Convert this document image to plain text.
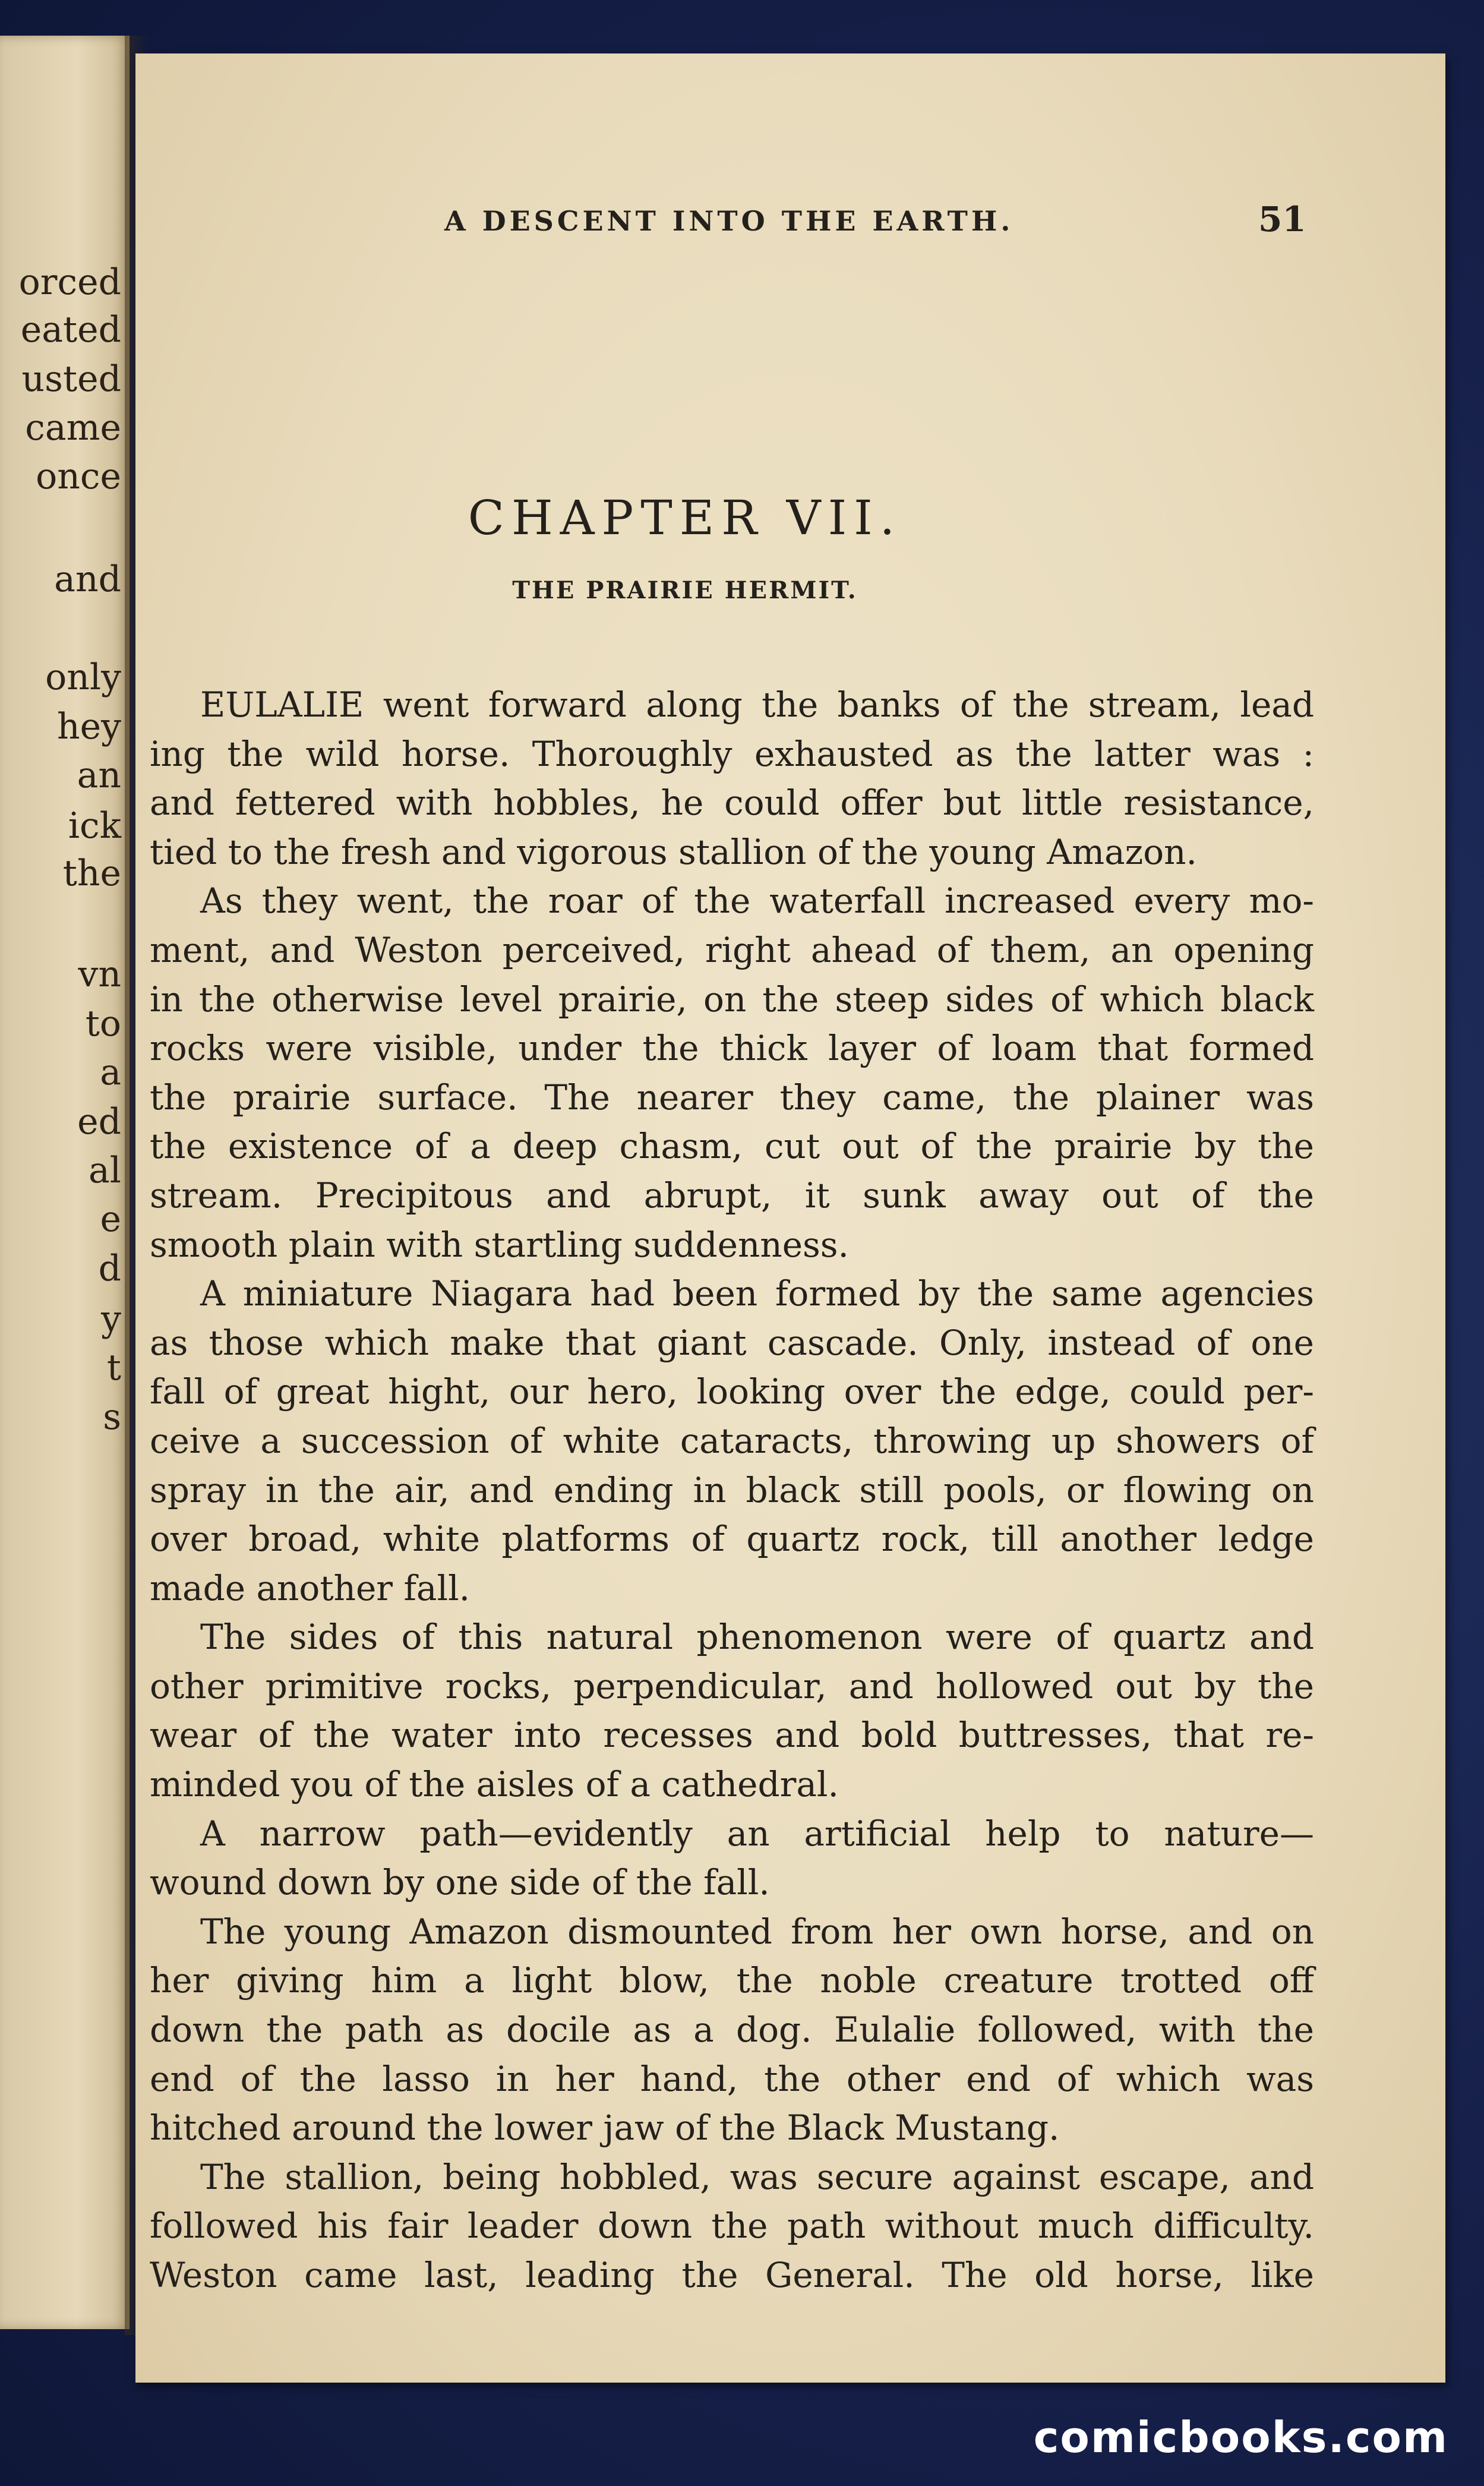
orced
eated
usted
came
once
and
only
hey
an
ick
the
vn
to
a
ed
al
e
d
y
t
s
A DESCENT INTO THE EARTH.	51
CHAPTER VII.
THE PRAIRIE HERMIT.
EULALIE went forward along the banks of the stream, lead
ing the wild horse. Thoroughly exhausted as the latter was :
and fettered with hobbles, he could offer but little resistance,
tied to the fresh and vigorous stallion of the young Amazon.
As they went, the roar of the waterfall increased every mo-
ment, and Weston perceived, right ahead of them, an opening
in the otherwise level prairie, on the steep sides of which black
rocks were visible, under the thick layer of loam that formed
the prairie surface. The nearer they came, the plainer was
the existence of a deep chasm, cut out of the prairie by the
stream. Precipitous and abrupt, it sunk away out of the
smooth plain with startling suddenness.
A miniature Niagara had been formed by the same agencies
as those which make that giant cascade. Only, instead of one
fall of great hight, our hero, looking over the edge, could per-
ceive a succession of white cataracts, throwing up showers of
spray in the air, and ending in black still pools, or flowing on
over broad, white platforms of quartz rock, till another ledge
made another fall.
The sides of this natural phenomenon were of quartz and
other primitive rocks, perpendicular, and hollowed out by the
wear of the water into recesses and bold buttresses, that re-
minded you of the aisles of a cathedral.
A narrow path—evidently an artificial help to nature—
wound down by one side of the fall.
The young Amazon dismounted from her own horse, and on
her giving him a light blow, the noble creature trotted off
down the path as docile as a dog. Eulalie followed, with the
end of the lasso in her hand, the other end of which was
hitched around the lower jaw of the Black Mustang.
The stallion, being hobbled, was secure against escape, and
followed his fair leader down the path without much difficulty.
Weston came last, leading the General. The old horse, like
comicbooks.com
